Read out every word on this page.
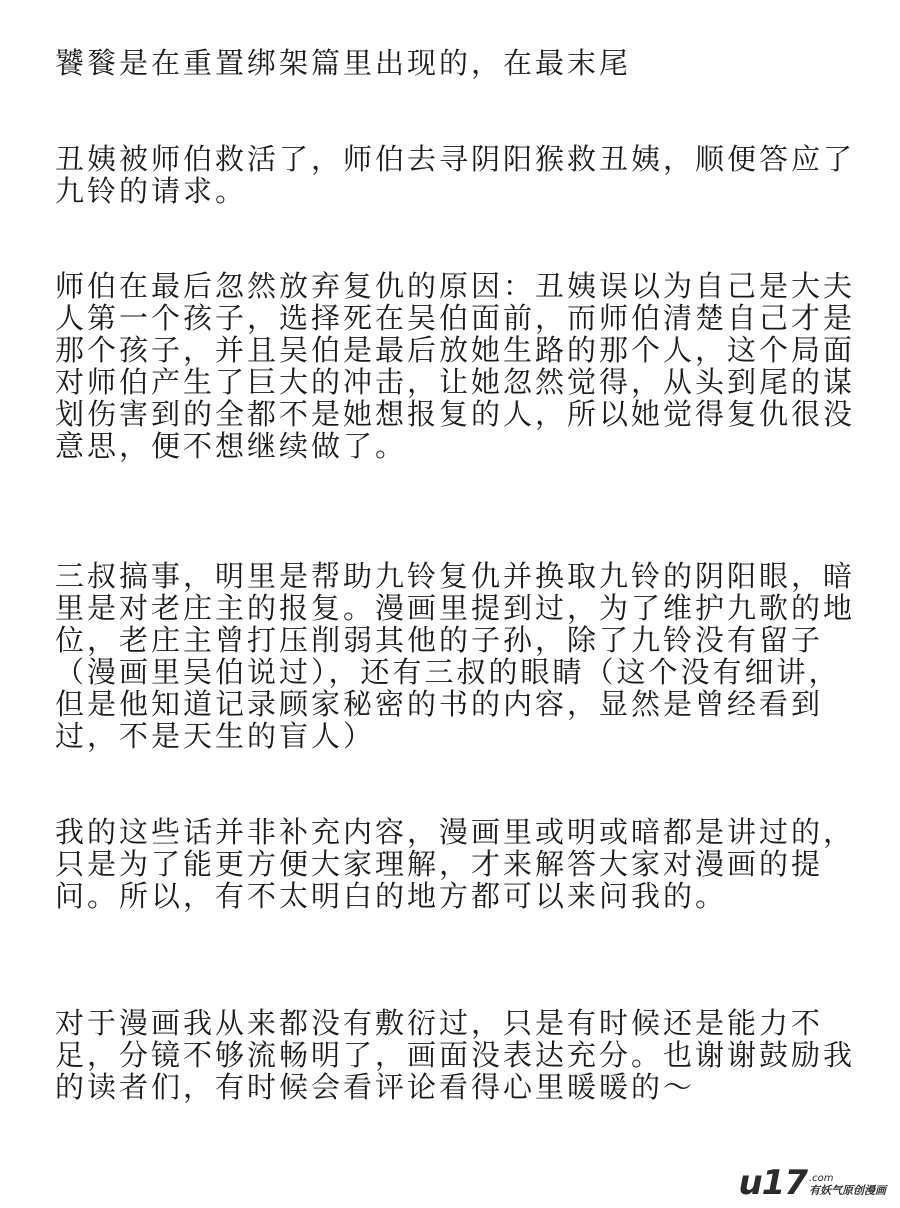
饕餮是在重置绑架篇里出现的，在最末尾

丑姨被师伯救活了，师伯去寻阴阳猴救丑姨，顺便答应了九铃的请求。

师伯在最后忽然放弃复仇的原因：丑姨误以为自己是大夫人第一个孩子，选择死在吴伯面前，而师伯清楚自己才是那个孩子，并且吴伯是最后放她生路的那个人，这个局面对师伯产生了巨大的冲击，让她忽然觉得，从头到尾的谋划伤害到的全都不是她想报复的人，所以她觉得复仇很没意思，便不想继续做了。

三叔搞事，明里是帮助九铃复仇并换取九铃的阴阳眼，暗里是对老庄主的报复。漫画里提到过，为了维护九歌的地位，老庄主曾打压削弱其他的子孙，除了九铃没有留子（漫画里吴伯说过），还有三叔的眼睛（这个没有细讲，但是他知道记录顾家秘密的书的内容，显然是曾经看到过，不是天生的盲人）

我的这些话并非补充内容，漫画里或明或暗都是讲过的，只是为了能更方便大家理解，才来解答大家对漫画的提问。所以，有不太明白的地方都可以来问我的。

对于漫画我从来都没有敷衍过，只是有时候还是能力不足，分镜不够流畅明了，画面没表达充分。也谢谢鼓励我的读者们，有时候会看评论看得心里暖暖的～

u17 .com
有妖气原创漫画
